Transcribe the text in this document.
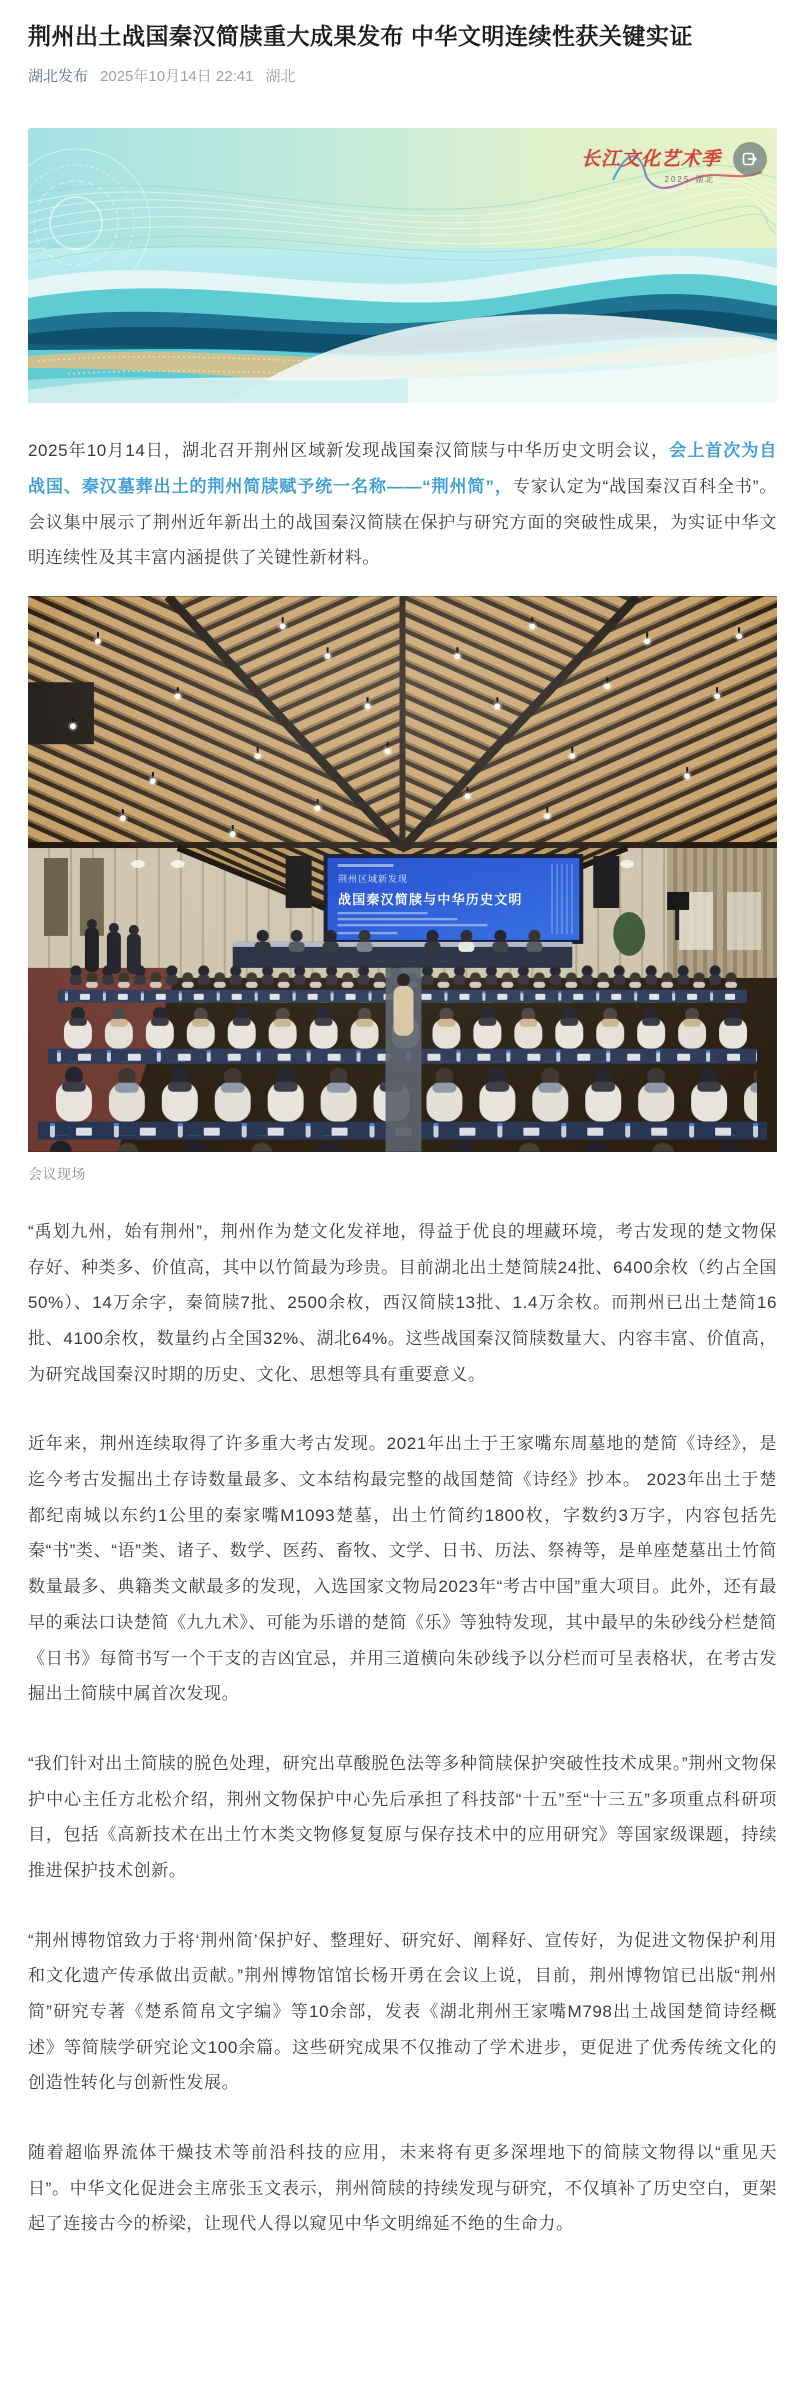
荆州出土战国秦汉简牍重大成果发布 中华文明连续性获关键实证
湖北发布 2025年10月14日 22:41 湖北
长江文化艺术季
2025·湖北

2025年10月14日，湖北召开荆州区域新发现战国秦汉简牍与中华历史文明会议，会上首次为自战国、秦汉墓葬出土的荆州简牍赋予统一名称——“荆州简”，专家认定为“战国秦汉百科全书”。会议集中展示了荆州近年新出土的战国秦汉简牍在保护与研究方面的突破性成果，为实证中华文明连续性及其丰富内涵提供了关键性新材料。

荆州区域新发现
战国秦汉简牍与中华历史文明
会议现场

“禹划九州，始有荆州”，荆州作为楚文化发祥地，得益于优良的埋藏环境，考古发现的楚文物保存好、种类多、价值高，其中以竹简最为珍贵。目前湖北出土楚简牍24批、6400余枚（约占全国50%）、14万余字，秦简牍7批、2500余枚，西汉简牍13批、1.4万余枚。而荆州已出土楚简16批、4100余枚，数量约占全国32%、湖北64%。这些战国秦汉简牍数量大、内容丰富、价值高，为研究战国秦汉时期的历史、文化、思想等具有重要意义。

近年来，荆州连续取得了许多重大考古发现。2021年出土于王家嘴东周墓地的楚简《诗经》，是迄今考古发掘出土存诗数量最多、文本结构最完整的战国楚简《诗经》抄本。 2023年出土于楚都纪南城以东约1公里的秦家嘴M1093楚墓，出土竹简约1800枚，字数约3万字，内容包括先秦“书”类、“语”类、诸子、数学、医药、畜牧、文学、日书、历法、祭祷等，是单座楚墓出土竹简数量最多、典籍类文献最多的发现，入选国家文物局2023年“考古中国”重大项目。此外，还有最早的乘法口诀楚简《九九术》、可能为乐谱的楚简《乐》等独特发现，其中最早的朱砂线分栏楚简《日书》每简书写一个干支的吉凶宜忌，并用三道横向朱砂线予以分栏而可呈表格状，在考古发掘出土简牍中属首次发现。

“我们针对出土简牍的脱色处理，研究出草酸脱色法等多种简牍保护突破性技术成果。”荆州文物保护中心主任方北松介绍，荆州文物保护中心先后承担了科技部“十五”至“十三五”多项重点科研项目，包括《高新技术在出土竹木类文物修复复原与保存技术中的应用研究》等国家级课题，持续推进保护技术创新。

“荆州博物馆致力于将‘荆州简’保护好、整理好、研究好、阐释好、宣传好，为促进文物保护利用和文化遗产传承做出贡献。”荆州博物馆馆长杨开勇在会议上说，目前，荆州博物馆已出版“荆州简”研究专著《楚系简帛文字编》等10余部，发表《湖北荆州王家嘴M798出土战国楚简诗经概述》等简牍学研究论文100余篇。这些研究成果不仅推动了学术进步，更促进了优秀传统文化的创造性转化与创新性发展。

随着超临界流体干燥技术等前沿科技的应用，未来将有更多深埋地下的简牍文物得以“重见天日”。中华文化促进会主席张玉文表示，荆州简牍的持续发现与研究，不仅填补了历史空白，更架起了连接古今的桥梁，让现代人得以窥见中华文明绵延不绝的生命力。
